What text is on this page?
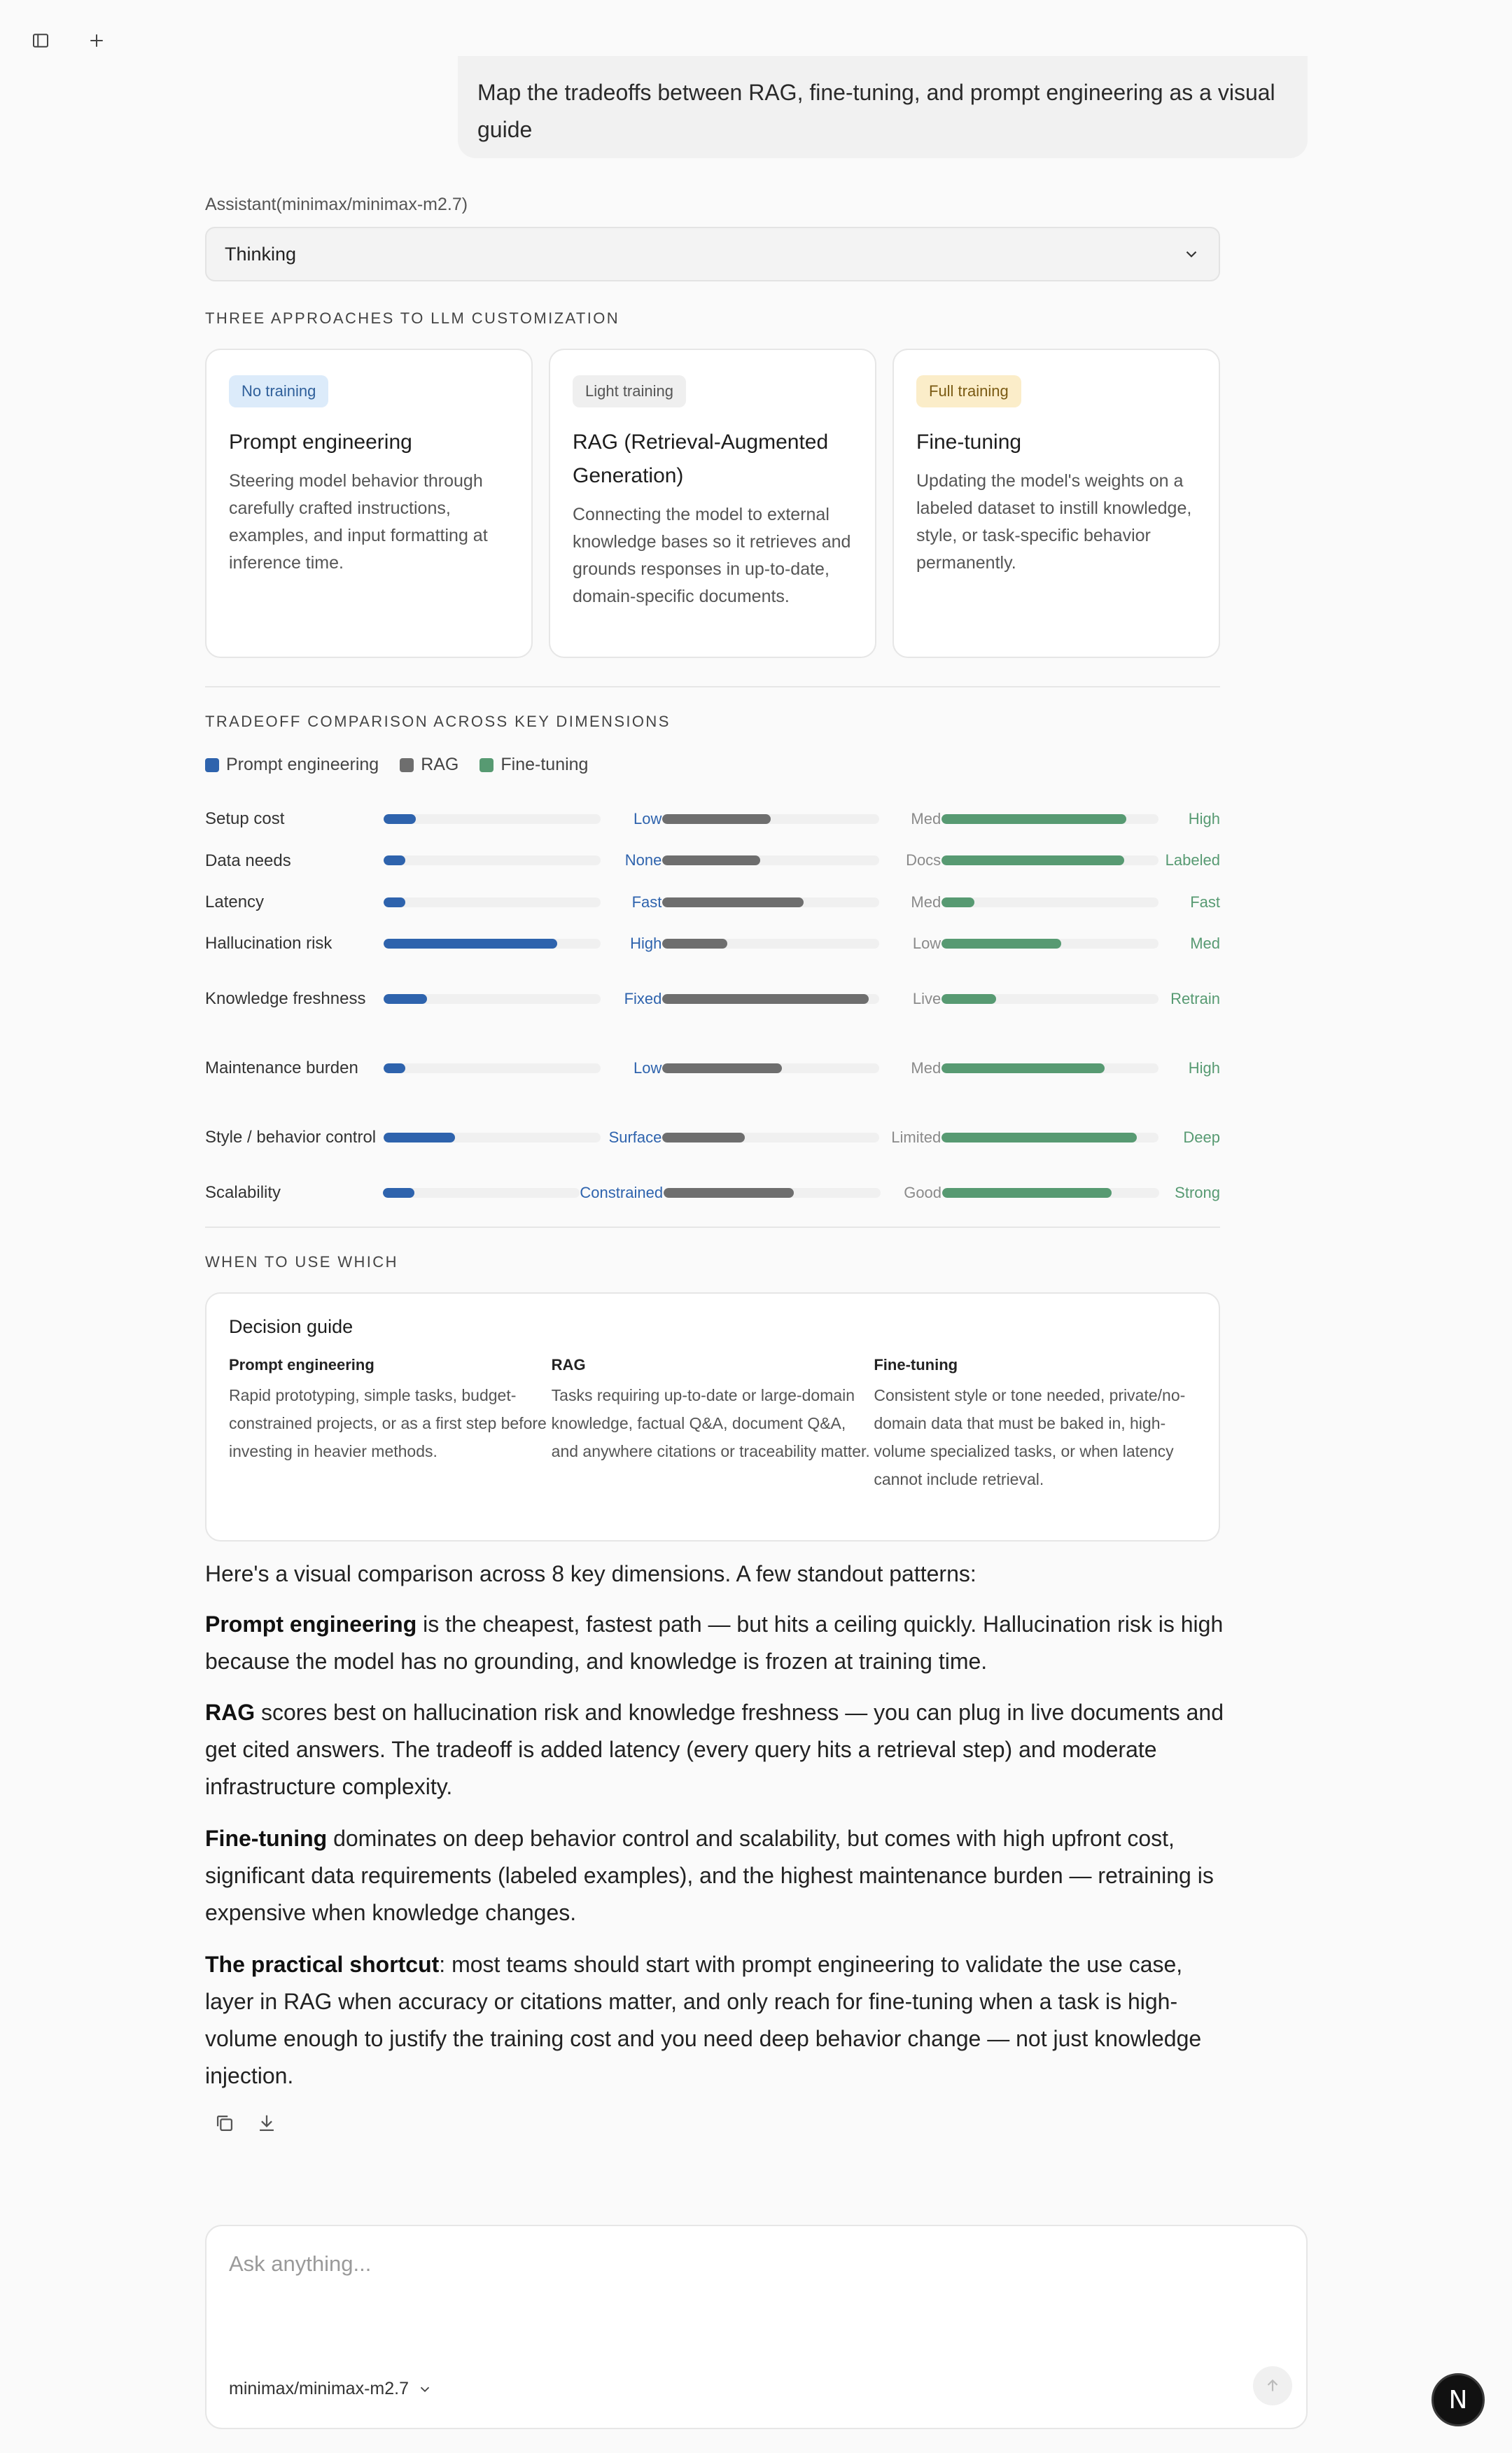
Map the tradeoffs between RAG, fine-tuning, and prompt engineering as a visual guide
Assistant(minimax/minimax-m2.7)
Thinking
THREE APPROACHES TO LLM CUSTOMIZATION
No training
Prompt engineering
Steering model behavior through carefully crafted instructions, examples, and input formatting at inference time.
Light training
RAG (Retrieval-Augmented Generation)
Connecting the model to external knowledge bases so it retrieves and grounds responses in up-to-date, domain-specific documents.
Full training
Fine-tuning
Updating the model's weights on a labeled dataset to instill knowledge, style, or task-specific behavior permanently.
TRADEOFF COMPARISON ACROSS KEY DIMENSIONS
Prompt engineering RAG Fine-tuning
Setup cost	Low	Med	High
Data needs	None	Docs	Labeled
Latency	Fast	Med	Fast
Hallucination risk	High	Low	Med
Knowledge freshness	Fixed	Live	Retrain
Maintenance burden	Low	Med	High
Style / behavior control	Surface	Limited	Deep
Scalability	Constrained	Good	Strong
WHEN TO USE WHICH
Decision guide
Prompt engineering
Rapid prototyping, simple tasks, budget-constrained projects, or as a first step before investing in heavier methods.
RAG
Tasks requiring up-to-date or large-domain knowledge, factual Q&A, document Q&A, and anywhere citations or traceability matter.
Fine-tuning
Consistent style or tone needed, private/no-domain data that must be baked in, high-volume specialized tasks, or when latency cannot include retrieval.

Here's a visual comparison across 8 key dimensions. A few standout patterns:

Prompt engineering is the cheapest, fastest path — but hits a ceiling quickly. Hallucination risk is high because the model has no grounding, and knowledge is frozen at training time.

RAG scores best on hallucination risk and knowledge freshness — you can plug in live documents and get cited answers. The tradeoff is added latency (every query hits a retrieval step) and moderate infrastructure complexity.

Fine-tuning dominates on deep behavior control and scalability, but comes with high upfront cost, significant data requirements (labeled examples), and the highest maintenance burden — retraining is expensive when knowledge changes.

The practical shortcut: most teams should start with prompt engineering to validate the use case, layer in RAG when accuracy or citations matter, and only reach for fine-tuning when a task is high-volume enough to justify the training cost and you need deep behavior change — not just knowledge injection.

Ask anything...
minimax/minimax-m2.7	N
